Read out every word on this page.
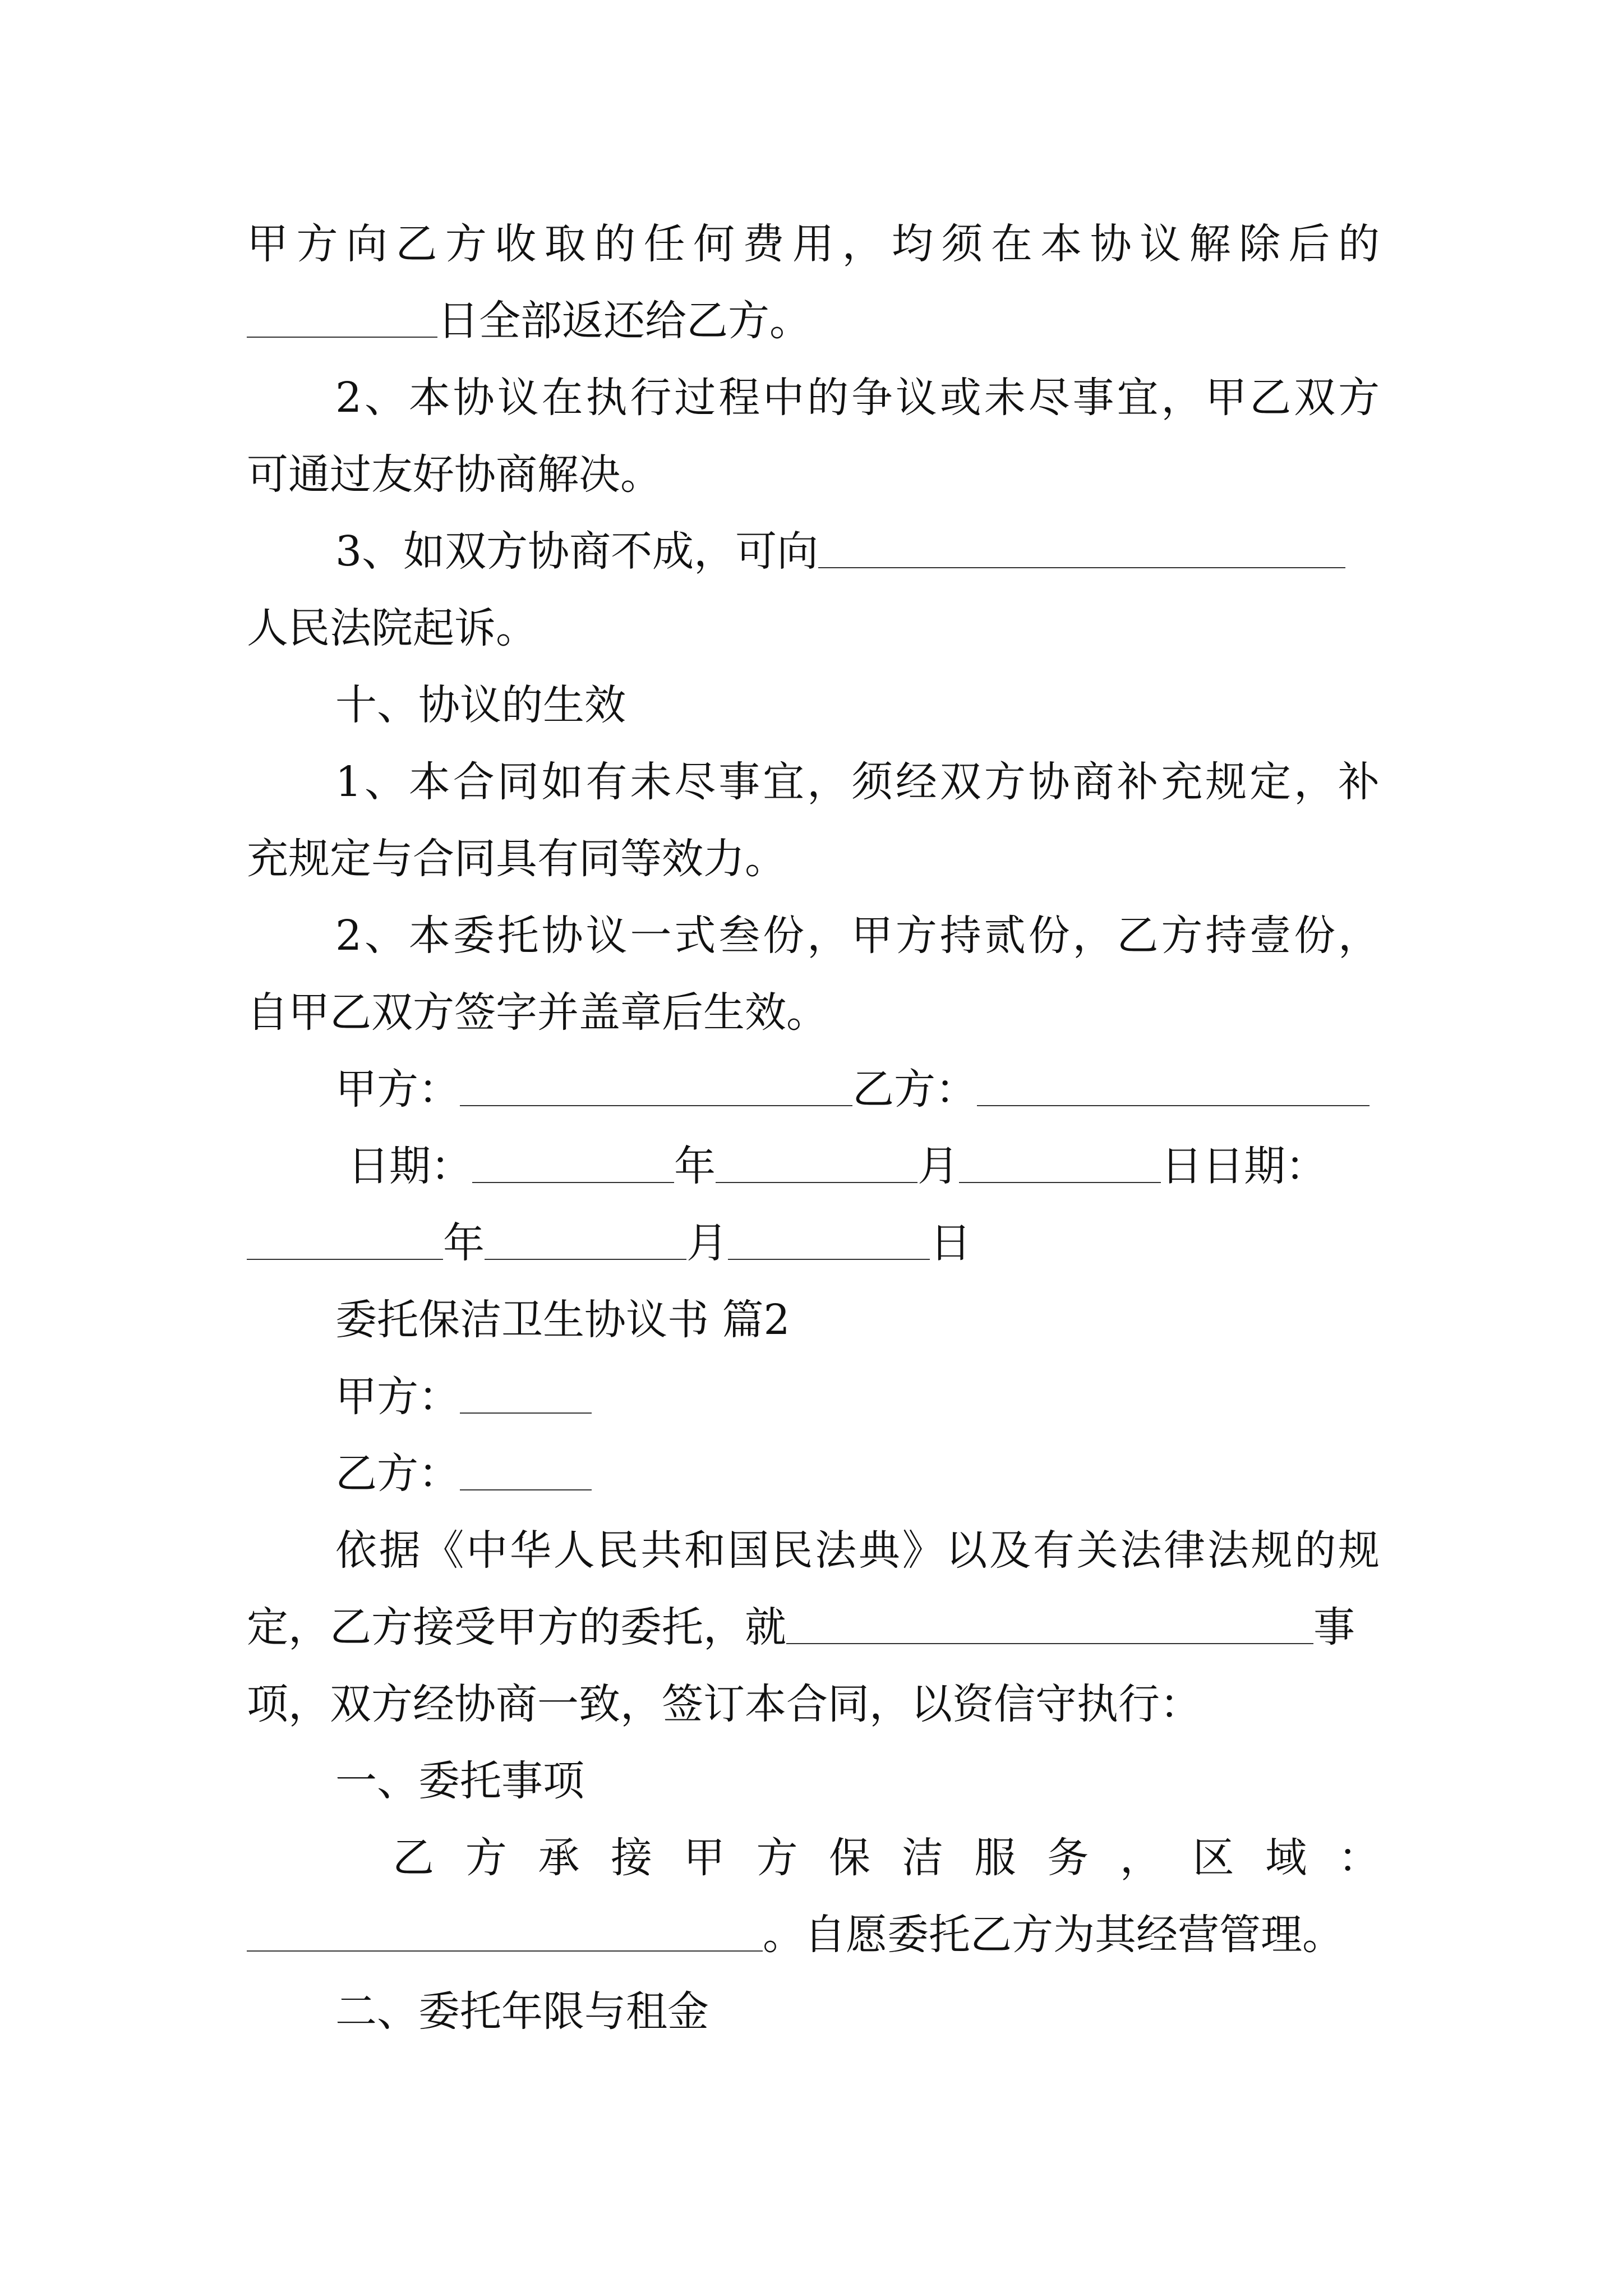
甲方向乙方收取的任何费用，均须在本协议解除后的
日全部返还给乙方。
2、本协议在执行过程中的争议或未尽事宜，甲乙双方
可通过友好协商解决。
3、如双方协商不成，可向
人民法院起诉。
十、协议的生效
1、本合同如有未尽事宜，须经双方协商补充规定，补
充规定与合同具有同等效力。
2、本委托协议一式叁份，甲方持贰份，乙方持壹份，
自甲乙双方签字并盖章后生效。
甲方：	乙方：
日期：	年	月	日日期：
年	月	日
委托保洁卫生协议书 篇2
甲方：
乙方：
依据《中华人民共和国民法典》以及有关法律法规的规
定，乙方接受甲方的委托，就	事
项，双方经协商一致，签订本合同，以资信守执行：
一、委托事项
乙方承接甲方保洁服务，区域：
。自愿委托乙方为其经营管理。
二、委托年限与租金
